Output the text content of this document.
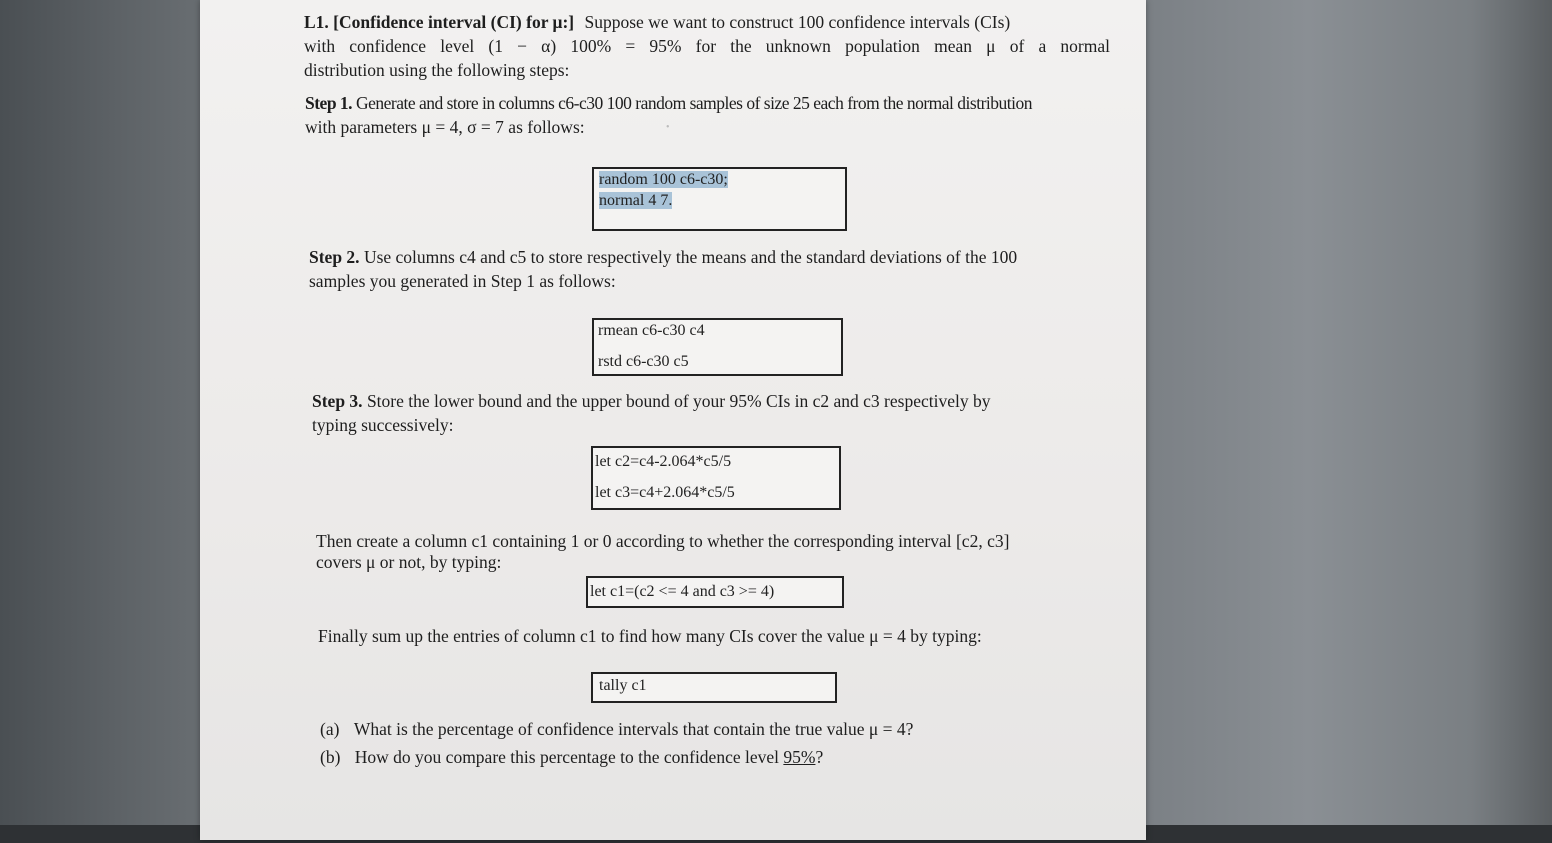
L1. [Confidence interval (CI) for μ:] Suppose we want to construct 100 confidence intervals (CIs)
with confidence level (1 − α) 100% = 95% for the unknown population mean μ of a normal
distribution using the following steps:
Step 1. Generate and store in columns c6-c30 100 random samples of size 25 each from the normal distribution
with parameters μ = 4, σ = 7 as follows:	•
random 100 c6-c30;
normal 4 7.
Step 2. Use columns c4 and c5 to store respectively the means and the standard deviations of the 100
samples you generated in Step 1 as follows:
rmean c6-c30 c4
rstd c6-c30 c5
Step 3. Store the lower bound and the upper bound of your 95% CIs in c2 and c3 respectively by
typing successively:
let c2=c4-2.064*c5/5
let c3=c4+2.064*c5/5
Then create a column c1 containing 1 or 0 according to whether the corresponding interval [c2, c3]
covers μ or not, by typing:
let c1=(c2 <= 4 and c3 >= 4)
Finally sum up the entries of column c1 to find how many CIs cover the value μ = 4 by typing:
tally c1
(a) What is the percentage of confidence intervals that contain the true value μ = 4?
(b) How do you compare this percentage to the confidence level 95%?
